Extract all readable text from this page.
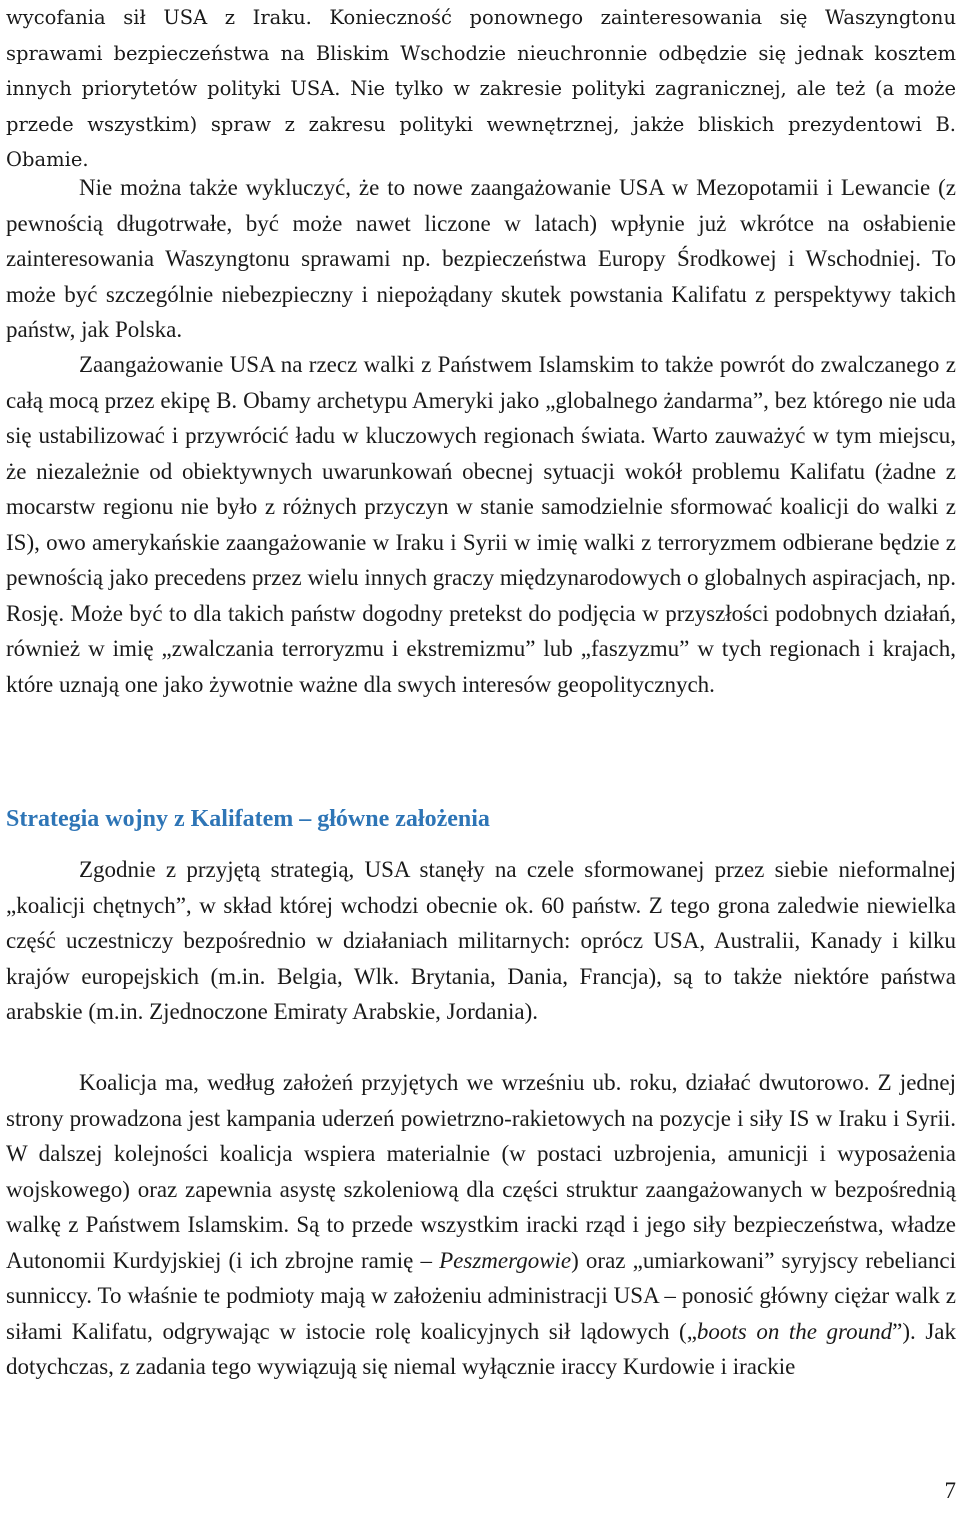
wycofania sił USA z Iraku. Konieczność ponownego zainteresowania się Waszyngtonu sprawami bezpieczeństwa na Bliskim Wschodzie nieuchronnie odbędzie się jednak kosztem innych priorytetów polityki USA. Nie tylko w zakresie polityki zagranicznej, ale też (a może przede wszystkim) spraw z zakresu polityki wewnętrznej, jakże bliskich prezydentowi B. Obamie.

Nie można także wykluczyć, że to nowe zaangażowanie USA w Mezopotamii i Lewancie (z pewnością długotrwałe, być może nawet liczone w latach) wpłynie już wkrótce na osłabienie zainteresowania Waszyngtonu sprawami np. bezpieczeństwa Europy Środkowej i Wschodniej. To może być szczególnie niebezpieczny i niepożądany skutek powstania Kalifatu z perspektywy takich państw, jak Polska.

Zaangażowanie USA na rzecz walki z Państwem Islamskim to także powrót do zwalczanego z całą mocą przez ekipę B. Obamy archetypu Ameryki jako „globalnego żandarma”, bez którego nie uda się ustabilizować i przywrócić ładu w kluczowych regionach świata. Warto zauważyć w tym miejscu, że niezależnie od obiektywnych uwarunkowań obecnej sytuacji wokół problemu Kalifatu (żadne z mocarstw regionu nie było z różnych przyczyn w stanie samodzielnie sformować koalicji do walki z IS), owo amerykańskie zaangażowanie w Iraku i Syrii w imię walki z terroryzmem odbierane będzie z pewnością jako precedens przez wielu innych graczy międzynarodowych o globalnych aspiracjach, np. Rosję. Może być to dla takich państw dogodny pretekst do podjęcia w przyszłości podobnych działań, również w imię „zwalczania terroryzmu i ekstremizmu” lub „faszyzmu” w tych regionach i krajach, które uznają one jako żywotnie ważne dla swych interesów geopolitycznych.

Strategia wojny z Kalifatem – główne założenia

Zgodnie z przyjętą strategią, USA stanęły na czele sformowanej przez siebie nieformalnej „koalicji chętnych”, w skład której wchodzi obecnie ok. 60 państw. Z tego grona zaledwie niewielka część uczestniczy bezpośrednio w działaniach militarnych: oprócz USA, Australii, Kanady i kilku krajów europejskich (m.in. Belgia, Wlk. Brytania, Dania, Francja), są to także niektóre państwa arabskie (m.in. Zjednoczone Emiraty Arabskie, Jordania).

Koalicja ma, według założeń przyjętych we wrześniu ub. roku, działać dwutorowo. Z jednej strony prowadzona jest kampania uderzeń powietrzno-rakietowych na pozycje i siły IS w Iraku i Syrii. W dalszej kolejności koalicja wspiera materialnie (w postaci uzbrojenia, amunicji i wyposażenia wojskowego) oraz zapewnia asystę szkoleniową dla części struktur zaangażowanych w bezpośrednią walkę z Państwem Islamskim. Są to przede wszystkim iracki rząd i jego siły bezpieczeństwa, władze Autonomii Kurdyjskiej (i ich zbrojne ramię – Peszmergowie) oraz „umiarkowani” syryjscy rebelianci sunniccy. To właśnie te podmioty mają w założeniu administracji USA – ponosić główny ciężar walk z siłami Kalifatu, odgrywając w istocie rolę koalicyjnych sił lądowych („boots on the ground”). Jak dotychczas, z zadania tego wywiązują się niemal wyłącznie iraccy Kurdowie i irackie

7
